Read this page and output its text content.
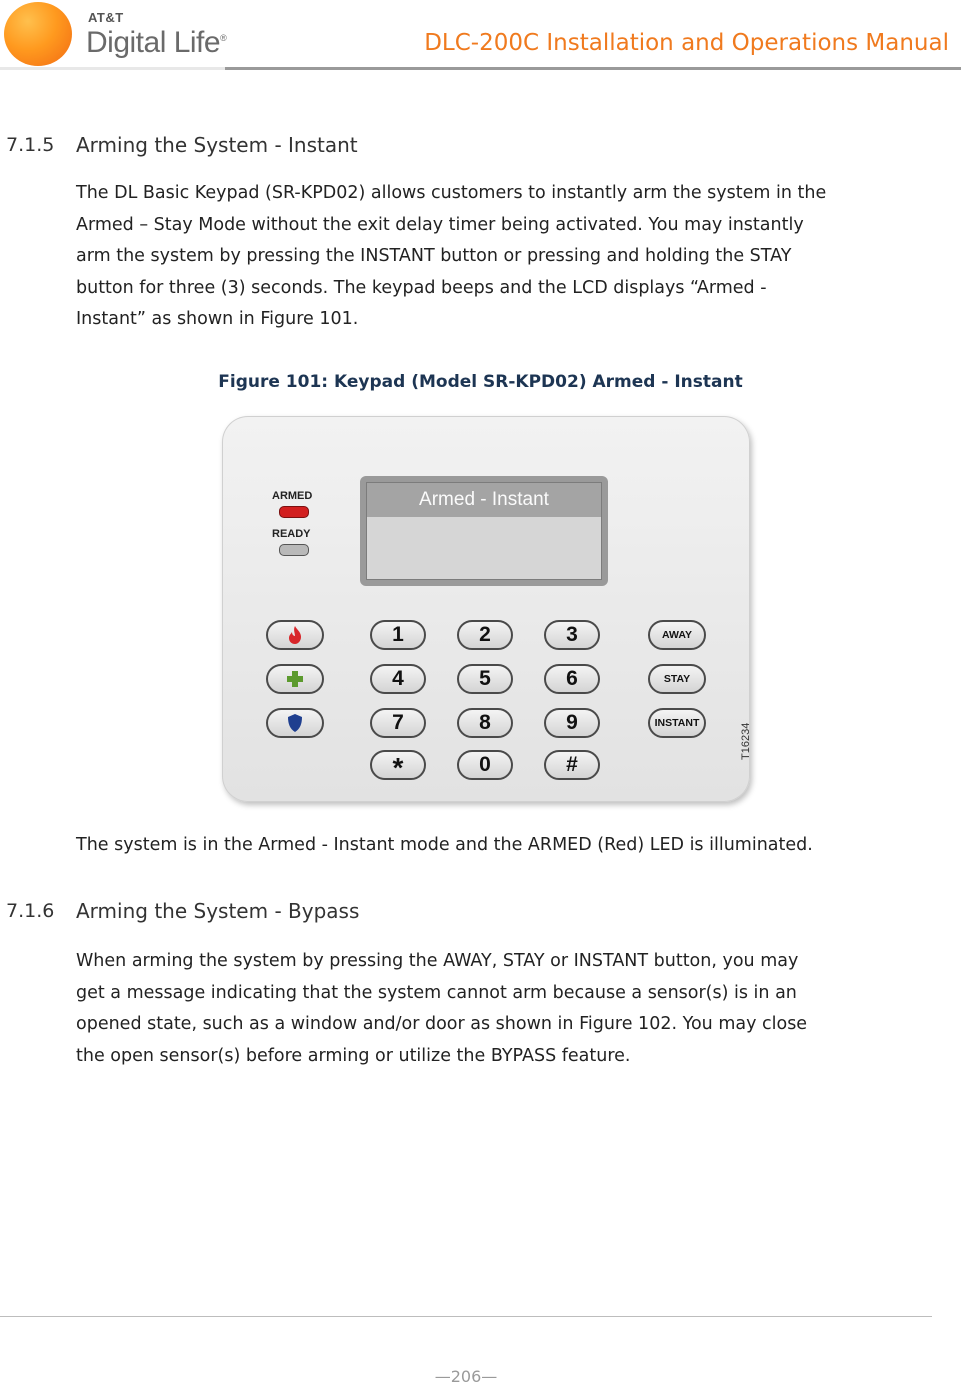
AT&T
Digital Life®	DLC-200C Installation and Operations Manual
7.1.5 Arming the System - Instant
The DL Basic Keypad (SR-KPD02) allows customers to instantly arm the system in the
Armed – Stay Mode without the exit delay timer being activated. You may instantly
arm the system by pressing the INSTANT button or pressing and holding the STAY
button for three (3) seconds. The keypad beeps and the LCD displays “Armed -
Instant” as shown in Figure 101.
Figure 101: Keypad (Model SR-KPD02) Armed - Instant
ARMED
READY
Armed - Instant
1	2	3
4	5	6
7	8	9
*	0	#
AWAY
STAY
INSTANT	T16234
The system is in the Armed - Instant mode and the ARMED (Red) LED is illuminated.
7.1.6 Arming the System - Bypass
When arming the system by pressing the AWAY, STAY or INSTANT button, you may
get a message indicating that the system cannot arm because a sensor(s) is in an
opened state, such as a window and/or door as shown in Figure 102. You may close
the open sensor(s) before arming or utilize the BYPASS feature.
—206—
